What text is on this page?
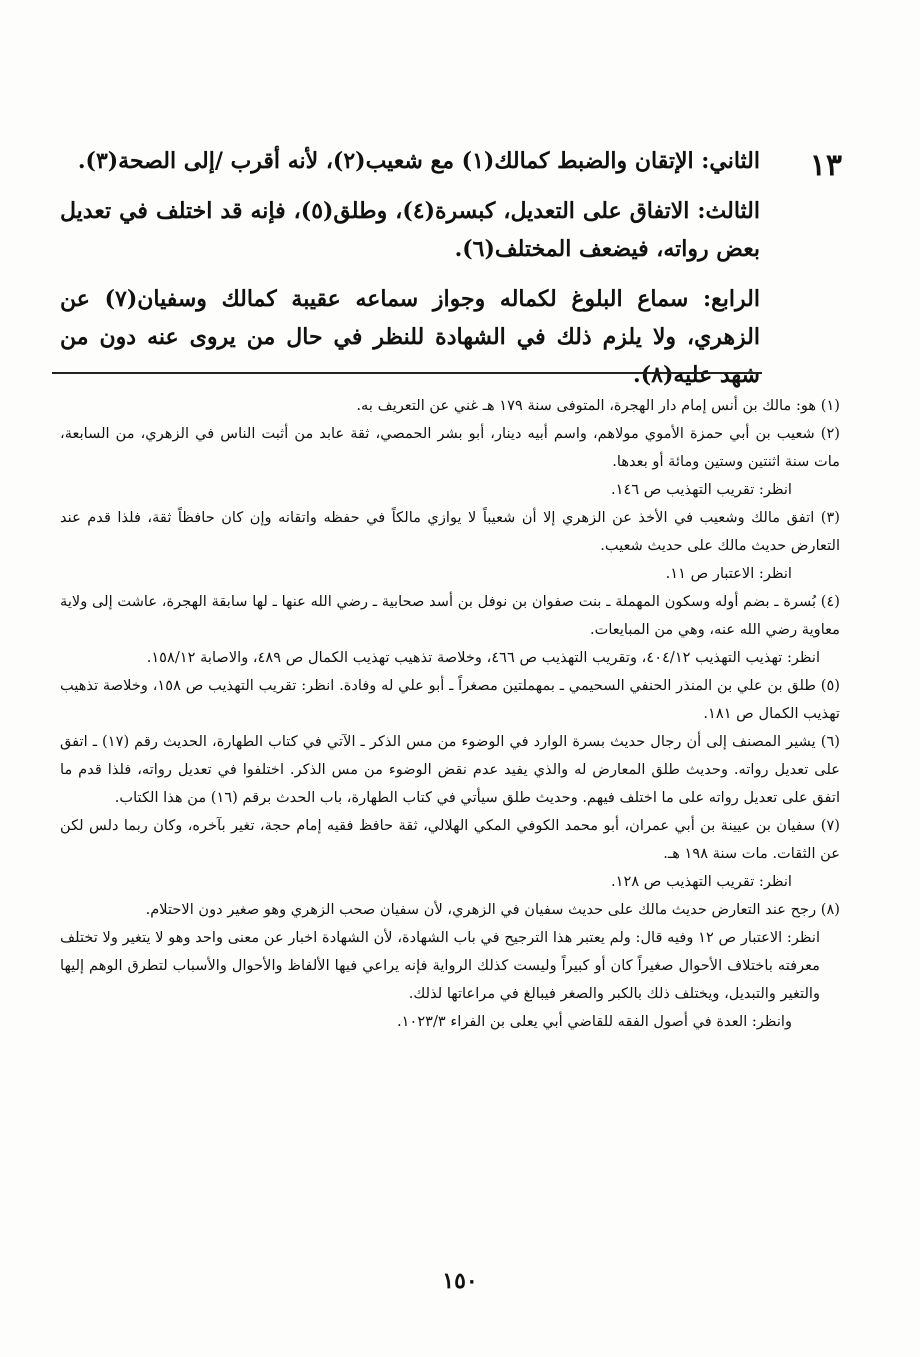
١٣

الثاني: الإتقان والضبط كمالك(١) مع شعيب(٢)، لأنه أقرب /إلى الصحة(٣).

الثالث: الاتفاق على التعديل، كبسرة(٤)، وطلق(٥)، فإنه قد اختلف في تعديل بعض رواته، فيضعف المختلف(٦).

الرابع: سماع البلوغ لكماله وجواز سماعه عقيبة كمالك وسفيان(٧) عن الزهري، ولا يلزم ذلك في الشهادة للنظر في حال من يروى عنه دون من شهد عليه(٨).

(١) هو: مالك بن أنس إمام دار الهجرة، المتوفى سنة ١٧٩ هـ غني عن التعريف به.

(٢) شعيب بن أبي حمزة الأموي مولاهم، واسم أبيه دينار، أبو بشر الحمصي، ثقة عابد من أثبت الناس في الزهري، من السابعة، مات سنة اثنتين وستين ومائة أو بعدها.

انظر: تقريب التهذيب ص ١٤٦.

(٣) اتفق مالك وشعيب في الأخذ عن الزهري إلا أن شعيباً لا يوازي مالكاً في حفظه واتقانه وإن كان حافظاً ثقة، فلذا قدم عند التعارض حديث مالك على حديث شعيب.

انظر: الاعتبار ص ١١.

(٤) بُسرة ـ بضم أوله وسكون المهملة ـ بنت صفوان بن نوفل بن أسد صحابية ـ رضي الله عنها ـ لها سابقة الهجرة، عاشت إلى ولاية معاوية رضي الله عنه، وهي من المبايعات.

انظر: تهذيب التهذيب ٤٠٤/١٢، وتقريب التهذيب ص ٤٦٦، وخلاصة تذهيب تهذيب الكمال ص ٤٨٩، والاصابة ١٥٨/١٢.

(٥) طلق بن علي بن المنذر الحنفي السحيمي ـ بمهملتين مصغراً ـ أبو علي له وفادة. انظر: تقريب التهذيب ص ١٥٨، وخلاصة تذهيب تهذيب الكمال ص ١٨١.

(٦) يشير المصنف إلى أن رجال حديث بسرة الوارد في الوضوء من مس الذكر ـ الآتي في كتاب الطهارة، الحديث رقم (١٧) ـ اتفق على تعديل رواته. وحديث طلق المعارض له والذي يفيد عدم نقض الوضوء من مس الذكر. اختلفوا في تعديل رواته، فلذا قدم ما اتفق على تعديل رواته على ما اختلف فيهم. وحديث طلق سيأتي في كتاب الطهارة، باب الحدث برقم (١٦) من هذا الكتاب.

(٧) سفيان بن عيينة بن أبي عمران، أبو محمد الكوفي المكي الهلالي، ثقة حافظ فقيه إمام حجة، تغير بآخره، وكان ربما دلس لكن عن الثقات. مات سنة ١٩٨ هـ.

انظر: تقريب التهذيب ص ١٢٨.

(٨) رجح عند التعارض حديث مالك على حديث سفيان في الزهري، لأن سفيان صحب الزهري وهو صغير دون الاحتلام.

انظر: الاعتبار ص ١٢ وفيه قال: ولم يعتبر هذا الترجيح في باب الشهادة، لأن الشهادة اخبار عن معنى واحد وهو لا يتغير ولا تختلف معرفته باختلاف الأحوال صغيراً كان أو كبيراً وليست كذلك الرواية فإنه يراعي فيها الألفاظ والأحوال والأسباب لتطرق الوهم إليها والتغير والتبديل، ويختلف ذلك بالكبر والصغر فيبالغ في مراعاتها لذلك.

وانظر: العدة في أصول الفقه للقاضي أبي يعلى بن الفراء ١٠٢٣/٣.

١٥٠
